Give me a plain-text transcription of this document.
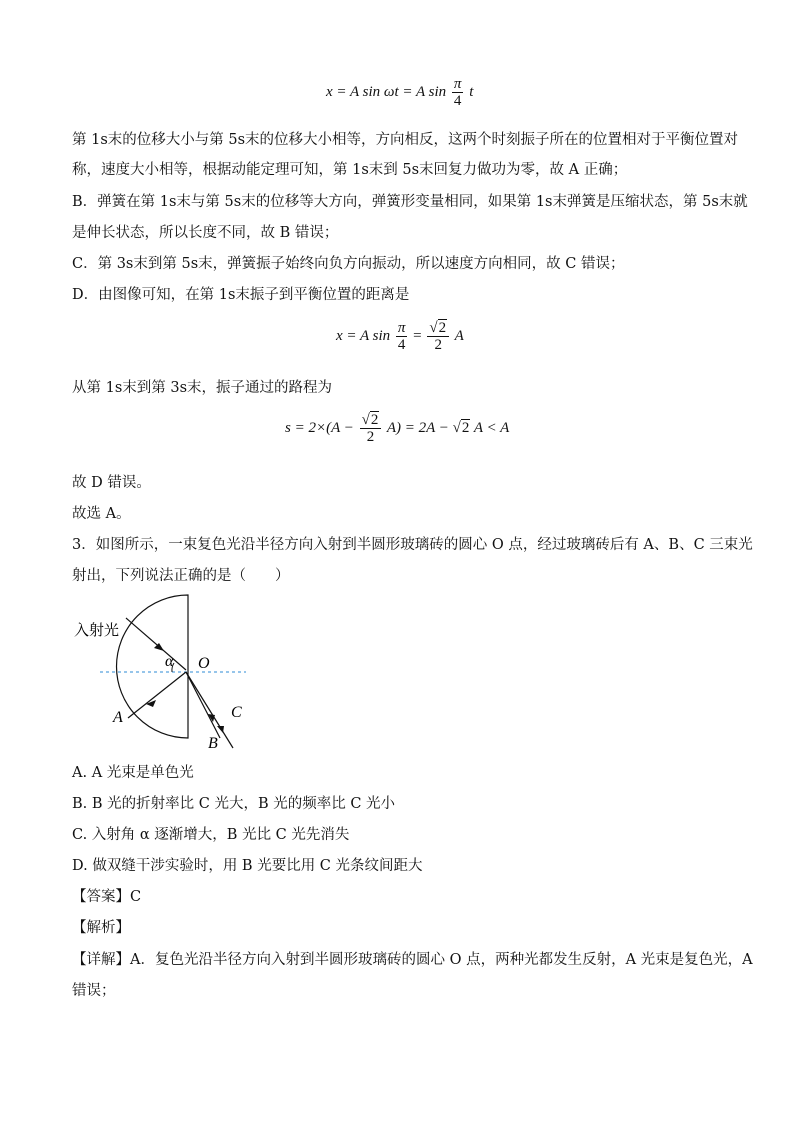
x = A sin ωt = A $\sin \frac{\pi}{4}$ t
第 1s末的位移大小与第 5s末的位移大小相等，方向相反，这两个时刻振子所在的位置相对于平衡位置对
称，速度大小相等，根据动能定理可知，第 1s末到 5s末回复力做功为零，故 A 正确；
B．弹簧在第 1s末与第 5s末的位移等大方向，弹簧形变量相同，如果第 1s末弹簧是压缩状态，第 5s末就
是伸长状态，所以长度不同，故 B 错误；
C．第 3s末到第 5s末，弹簧振子始终向负方向振动，所以速度方向相同，故 C 错误；
D．由图像可知，在第 1s末振子到平衡位置的距离是
x = A $\sin \frac{\pi}{4} = \frac{√2}{2}$ A
从第 1s末到第 3s末，振子通过的路程为
$s = 2\times(A - \frac{√2}{2} A) = 2A - √2$ A < A
故 D 错误。
故选 A。
3．如图所示，一束复色光沿半径方向入射到半圆形玻璃砖的圆心 O 点，经过玻璃砖后有 A、B、C 三束光
射出，下列说法正确的是（　　）
入射光
α O
A
B
C
A. A 光束是单色光
B. B 光的折射率比 C 光大，B 光的频率比 C 光小
C. 入射角 α 逐渐增大，B 光比 C 光先消失
D. 做双缝干涉实验时，用 B 光要比用 C 光条纹间距大
【答案】C
【解析】
【详解】A．复色光沿半径方向入射到半圆形玻璃砖的圆心 O 点，两种光都发生反射，A 光束是复色光，A
错误；
